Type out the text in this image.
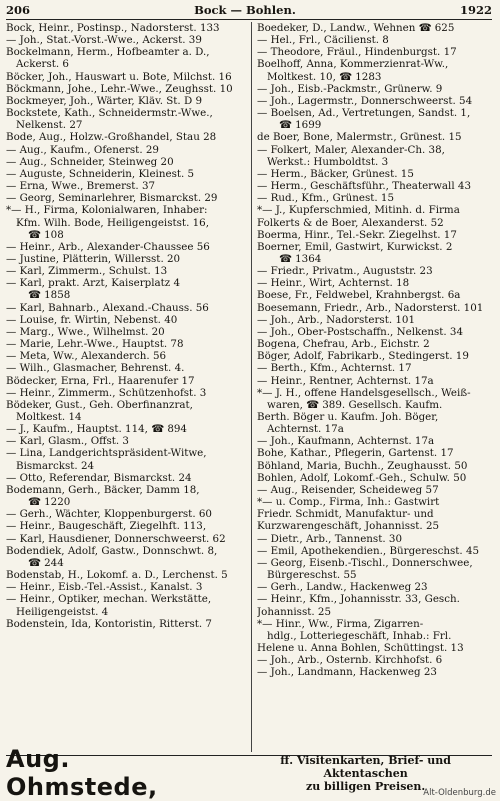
206	Bock — Bohlen.	1922
Bock, Heinr., Postinsp., Nadorsterst. 133
— Joh., Stat.-Vorst.-Wwe., Ackerst. 39
Bockelmann, Herm., Hofbeamter a. D.,
Ackerst. 6
Böcker, Joh., Hauswart u. Bote, Milchst. 16
Böckmann, Johe., Lehr.-Wwe., Zeughsst. 10
Bockmeyer, Joh., Wärter, Kläv. St. D 9
Bockstete, Kath., Schneidermstr.-Wwe.,
Nelkenst. 27
Bode, Aug., Holzw.-Großhandel, Stau 28
— Aug., Kaufm., Ofenerst. 29
— Aug., Schneider, Steinweg 20
— Auguste, Schneiderin, Kleinest. 5
— Erna, Wwe., Bremerst. 37
— Georg, Seminarlehrer, Bismarckst. 29
*— H., Firma, Kolonialwaren, Inhaber:
Kfm. Wilh. Bode, Heiligengeistst. 16,
☎ 108
— Heinr., Arb., Alexander-Chaussee 56
— Justine, Plätterin, Willersst. 20
— Karl, Zimmerm., Schulst. 13
— Karl, prakt. Arzt, Kaiserplatz 4
☎ 1858
— Karl, Bahnarb., Alexand.-Chauss. 56
— Louise, fr. Wirtin, Nebenst. 40
— Marg., Wwe., Wilhelmst. 20
— Marie, Lehr.-Wwe., Hauptst. 78
— Meta, Ww., Alexanderch. 56
— Wilh., Glasmacher, Behrenst. 4.
Bödecker, Erna, Frl., Haarenufer 17
— Heinr., Zimmerm., Schützenhofst. 3
Bödeker, Gust., Geh. Oberfinanzrat,
Moltkest. 14
— J., Kaufm., Hauptst. 114, ☎ 894
— Karl, Glasm., Offst. 3
— Lina, Landgerichtspräsident-Witwe,
Bismarckst. 24
— Otto, Referendar, Bismarckst. 24
Bodemann, Gerh., Bäcker, Damm 18,
☎ 1220
— Gerh., Wächter, Kloppenburgerst. 60
— Heinr., Baugeschäft, Ziegelhft. 113,
— Karl, Hausdiener, Donnerschweerst. 62
Bodendiek, Adolf, Gastw., Donnschwt. 8,
☎ 244
Bodenstab, H., Lokomf. a. D., Lerchenst. 5
— Heinr., Eisb.-Tel.-Assist., Kanalst. 3
— Heinr., Optiker, mechan. Werkstätte,
Heiligengeistst. 4
Bodenstein, Ida, Kontoristin, Ritterst. 7
Boedeker, D., Landw., Wehnen ☎ 625
— Hel., Frl., Cäcilienst. 8
— Theodore, Fräul., Hindenburgst. 17
Boelhoff, Anna, Kommerzienrat-Ww.,
Moltkest. 10, ☎ 1283
— Joh., Eisb.-Packmstr., Grünerw. 9
— Joh., Lagermstr., Donnerschweerst. 54
— Boelsen, Ad., Vertretungen, Sandst. 1,
☎ 1699
de Boer, Bone, Malermstr., Grünest. 15
— Folkert, Maler, Alexander-Ch. 38,
Werkst.: Humboldtst. 3
— Herm., Bäcker, Grünest. 15
— Herm., Geschäftsführ., Theaterwall 43
— Rud., Kfm., Grünest. 15
*— J., Kupferschmied, Mitinh. d. Firma
Folkerts & de Boer, Alexanderst. 52
Boerma, Hinr., Tel.-Sekr. Ziegelhst. 17
Boerner, Emil, Gastwirt, Kurwickst. 2
☎ 1364
— Friedr., Privatm., Auguststr. 23
— Heinr., Wirt, Achternst. 18
Boese, Fr., Feldwebel, Krahnbergst. 6a
Boesemann, Friedr., Arb., Nadorsterst. 101
— Joh., Arb., Nadorsterst. 101
— Joh., Ober-Postschaffn., Nelkenst. 34
Bogena, Chefrau, Arb., Eichstr. 2
Böger, Adolf, Fabrikarb., Stedingerst. 19
— Berth., Kfm., Achternst. 17
— Heinr., Rentner, Achternst. 17a
*— J. H., offene Handelsgesellsch., Weiß-
waren, ☎ 389. Gesellsch. Kaufm.
Berth. Böger u. Kaufm. Joh. Böger,
Achternst. 17a
— Joh., Kaufmann, Achternst. 17a
Bohe, Kathar., Pflegerin, Gartenst. 17
Böhland, Maria, Buchh., Zeughausst. 50
Bohlen, Adolf, Lokomf.-Geh., Schulw. 50
— Aug., Reisender, Scheideweg 57
*— u. Comp., Firma, Inh.: Gastwirt
Friedr. Schmidt, Manufaktur- und
Kurzwarengeschäft, Johannisst. 25
— Dietr., Arb., Tannenst. 30
— Emil, Apothekendien., Bürgereschst. 45
— Georg, Eisenb.-Tischl., Donnerschwee,
Bürgereschst. 55
— Gerh., Landw., Hackenweg 23
— Heinr., Kfm., Johannisstr. 33, Gesch.
Johannisst. 25
*— Hinr., Ww., Firma, Zigarren-
hdlg., Lotteriegeschäft, Inhab.: Frl.
Helene u. Anna Bohlen, Schüttingst. 13
— Joh., Arb., Osternb. Kirchhofst. 6
— Joh., Landmann, Hackenweg 23
Aug. Ohmstede,
ff. Visitenkarten, Brief- und Aktentaschen
zu billigen Preisen.
Alt-Oldenburg.de
